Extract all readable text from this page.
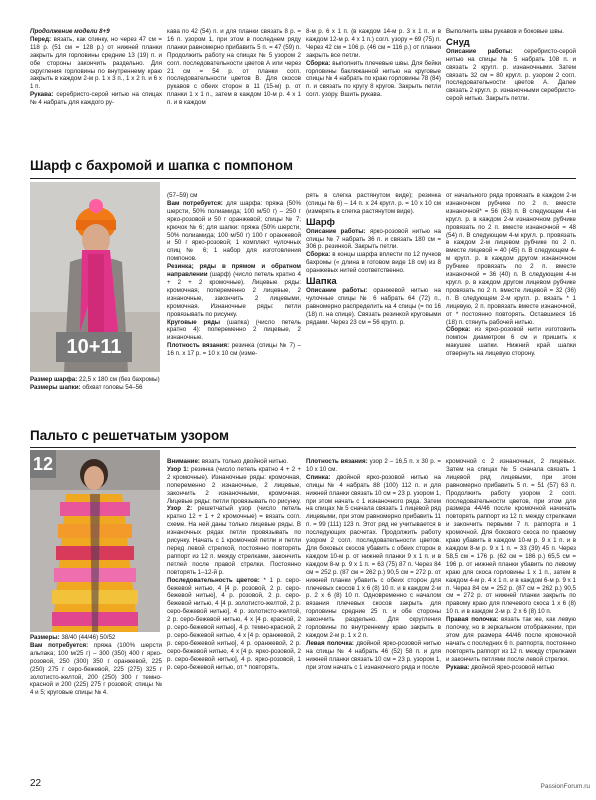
Продолжение модели 8+9

Перед: вязать, как спинку, но через 47 см = 118 р. (51 см = 128 р.) от нижней планки закрыть для горловины средние 13 (19) п. и обе стороны закончить раздельно. Для скругления горловины по внутреннему краю закрыть в каждом 2-м р. 1 х 3 п., 1 х 2 п. и 6 х 1 п.

Рукава: серебристо-серой нитью на спицах № 4 набрать для каждого ру-

кава по 42 (54) п. и для планки связать 8 р. = 16 п. узором 1, при этом в последнем ряду планки равномерно прибавить 5 п. = 47 (59) п. Продолжить работу на спицах № 5 узором 2 согл. последовательности цветов А или через 21 см = 54 р. от планки согл. последовательности цветов В. Для скосов рукавов с обеих сторон в 11 (15-м) р. от планки 1 х 1 п., затем в каждом 10-м р. 4 х 1 п. и в каждом

8-м р. 6 х 1 п. (в каждом 14-м р. 3 х 1 п. и в каждом 12-м р. 4 х 1 п.) согл. узору = 69 (75) п. Через 42 см = 106 р. (46 см = 116 р.) от планки закрыть все петли.

Сборка: выполнить плечевые швы. Для бейки горловины бакляжанной нитью на круговые спицы № 4 набрать по краю горловины 78 (84) п. и связать по кругу 8 кругов. Закрыть петли согл. узору. Вшить рукава.

Выполнить швы рукавов и боковые швы.

Снуд

Описание работы: серебристо-серой нитью на спицы № 5 набрать 108 п. и связать 2 кругл. р. изнаночными. Затем связать 32 см = 80 кругл. р. узором 2 согл. последовательности цветов А. Далее связать 2 кругл. р. изнаночными серебристо-серой нитью. Закрыть петли.

Шарф с бахромой и шапка с помпоном
10+11

Размер шарфа: 22,5 х 180 см (без бахромы)

Размеры шапки: обхват головы 54–56

(57–59) см

Вам потребуется: для шарфа: пряжа (50% шерсти, 50% полиамида; 100 м/50 г) – 250 г ярко-розовой и 50 г оранжевой; спицы № 7; крючок № 6; для шапки: пряжа (50% шерсти, 50% полиамида; 100 м/50 г) 100 г оранжевой и 50 г ярко-розовой; 1 комплект чулочных спиц № 6; 1 набор для изготовления помпонов.

Резинка; ряды в прямом и обратном направлении (шарф) (число петель кратно 4 + 2 + 2 кромочные). Лицевые ряды: кромочная, попеременно 2 лицевые, 2 изнаночные, закончить 2 лицевыми, кромочная. Изнаночные ряды: петли провязывать по рисунку.

Круговые ряды (шапка) (число петель кратно 4): попеременно 2 лицевые, 2 изнаночные.

Плотность вязания: резинка (спицы № 7) – 16 п. х 17 р. = 10 х 10 см (изме-

рять в слегка растянутом виде); резинка (спицы № 6) – 14 п. х 24 кругл. р. = 10 х 10 см (измерять в слегка растянутом виде).

Шарф

Описание работы: ярко-розовой нитью на спицы № 7 набрать 36 п. и связать 180 см = 306 р. резинкой. Закрыть петли.

Сборка: в концы шарфа вплести по 12 пучков бахромы (« длина в готовом виде 18 см) из 8 оранжевых нитей соответственно.

Шапка

Описание работы: оранжевой нитью на чулочные спицы № 6 набрать 64 (72) п., равномерно распределить на 4 спицы (= по 16 (18) п. на спице). Связать резинкой круговыми рядами. Через 23 см = 56 кругл. р.

от начального ряда провязать в каждом 2-м изнаночном рубчике по 2 п. вместе изнаночной* = 56 (63) п. В следующем 4-м кругл. р. в каждом 2-м изнаночном рубчике провязать по 2 п. вместе изнаночной = 48 (54) п. В следующем 4-м кругл. р. провязать в каждом 2-м лицевом рубчике по 2 п. вместе лицевой = 40 (45) п. В следующем 4-м кругл. р. в каждом другом изнаночном рубчике провязать по 2 п. вместе изнаночной = 36 (40) п. В следующем 4-м кругл. р. в каждом другом лицевом рубчике провязать по 2 п. вместе лицевой = 32 (36) п. В следующем 2-м кругл. р. вязать * 1 лицевую, 2 п. провязать вместе изнаночной, от * постоянно повторять. Оставшиеся 16 (18) п. стянуть рабочей нитью.

Сборка: из ярко-розовой нити изготовить помпон диаметром 6 см и пришить к макушке шапки. Нижний край шапки отвернуть на лицевую сторону.

Пальто с решетчатым узором
12

Размеры: 38/40 (44/46) 50/52

Вам потребуется: пряжа (100% шерсти альпака; 100 м/25 г) – 300 (350) 400 г ярко-розовой, 250 (300) 350 г оранжевой, 225 (250) 275 г серо-бежевой, 225 (275) 325 г золотисто-желтой, 200 (250) 300 г темно-красной и 200 (225) 275 г розовой; спицы № 4 и 5; круговые спицы № 4.

Внимание: вязать только двойной нитью.

Узор 1: резинка (число петель кратно 4 + 2 + 2 кромочные). Изнаночные ряды: кромочная, попеременно 2 изнаночные, 2 лицевые, закончить 2 изнаночными, кромочная. Лицевые ряды: петли провязывать по рисунку.

Узор 2: решетчатый узор (число петель кратно 12 + 1 + 2 кромочные) = вязать согл. схеме. На ней даны только лицевые ряды. В изнаночных рядах петли провязывать по рисунку. Начать с 1 кромочной петли и петли перед левой стрелкой, постоянно повторять раппорт из 12 п. между стрелками, закончить петлей после правой стрелки. Постоянно повторять 1–12-й р.

Последовательность цветов: * 1 р. серо-бежевой нитью, 4 [4 р. розовой, 2 р. серо-бежевой нитью], 4 р. розовой, 2 р. серо-бежевой нитью, 4 [4 р. золотисто-желтой, 2 р. серо-бежевой нитью], 4 р. золотисто-желтой, 2 р. серо-бежевой нитью, 4 х [4 р. красной, 2 р. серо-бежевой нитью], 4 р. темно-красной, 2 р. серо-бежевой нитью, 4 х [4 р. оранжевой, 2 р. серо-бежевой нитью], 4 р. оранжевой, 2 р. серо-бежевой нитью, 4 х [4 р. ярко-розовой, 2 р. серо-бежевой нитью], 4 р. ярко-розовой, 1 р. серо-бежевой нитью, от * повторять.

Плотность вязания: узор 2 – 16,5 п. х 30 р. = 10 х 10 см.

Спинка: двойной ярко-розовой нитью на спицы № 4 набрать 88 (100) 112 п. и для нижней планки связать 10 см = 23 р. узором 1, при этом начать с 1 изнаночного ряда. Затем на спицах № 5 сначала связать 1 лицевой ряд лицевыми, при этом равномерно прибавить 11 п. = 99 (111) 123 п. Этот ряд не учитывается в последующих расчетах. Продолжить работу узором 2 согл. последовательности цветов. Для боковых скосов убавить с обеих сторон в каждом 10-м р. от нижней планки 9 х 1 п. и в каждом 8-м р. 9 х 1 п. = 63 (75) 87 п. Через 84 см = 252 р. (87 см = 262 р.) 90,5 см = 272 р. от нижней планки убавить с обеих сторон для плечевых скосов 1 х 6 (8) 10 п. и в каждом 2-м р. 2 х 6 (8) 10 п. Одновременно с началом вязания плечевых скосов закрыть для горловины средние 25 п. и обе стороны закончить раздельно. Для скругления горловины по внутреннему краю закрыть в каждом 2-м р. 1 х 2 п.

Левая полочка: двойной ярко-розовой нитью на спицы № 4 набрать 46 (52) 58 п. и для нижней планки связать 10 см = 23 р. узором 1, при этом начать с 1 изнаночного ряда и после

кромочной с 2 изнаночных, 2 лицевых. Затем на спицах № 5 сначала связать 1 лицевой ряд лицевыми, при этом равномерно прибавить 5 п. = 51 (57) 63 п. Продолжить работу узором 2 согл. последовательности цветов, при этом для размера 44/46 после кромочной начинать повторять раппорт из 12 п. между стрелками и закончить первыми 7 п. раппорта и 1 кромочной. Для бокового скоса по правому краю убавить в каждом 10-м р. 9 х 1 п. и в каждом 8-м р. 9 х 1 п. = 33 (39) 45 п. Через 58,5 см = 176 р. (62 см = 186 р.) 65,5 см = 196 р. от нижней планки убавить по левому краю для скоса горловины 1 х 1 п., затем в каждом 4-м р. 4 х 1 п. и в каждом 6-м р. 9 х 1 п. Через 84 см = 252 р. (87 см = 262 р.) 90,5 см = 272 р. от нижней планки закрыть по правому краю для плечевого скоса 1 х 6 (8) 10 п. и в каждом 2-м р. 2 х 6 (8) 10 п.

Правая полочка: вязать так же, как левую полочку, но в зеркальном отображении, при этом для размера 44/46 после кромочной начать с последних 6 п. раппорта, постоянно повторять раппорт из 12 п. между стрелками и закончить петлями после левой стрелки.

Рукава: двойной ярко-розовой нитью

22	PassionForum.ru
